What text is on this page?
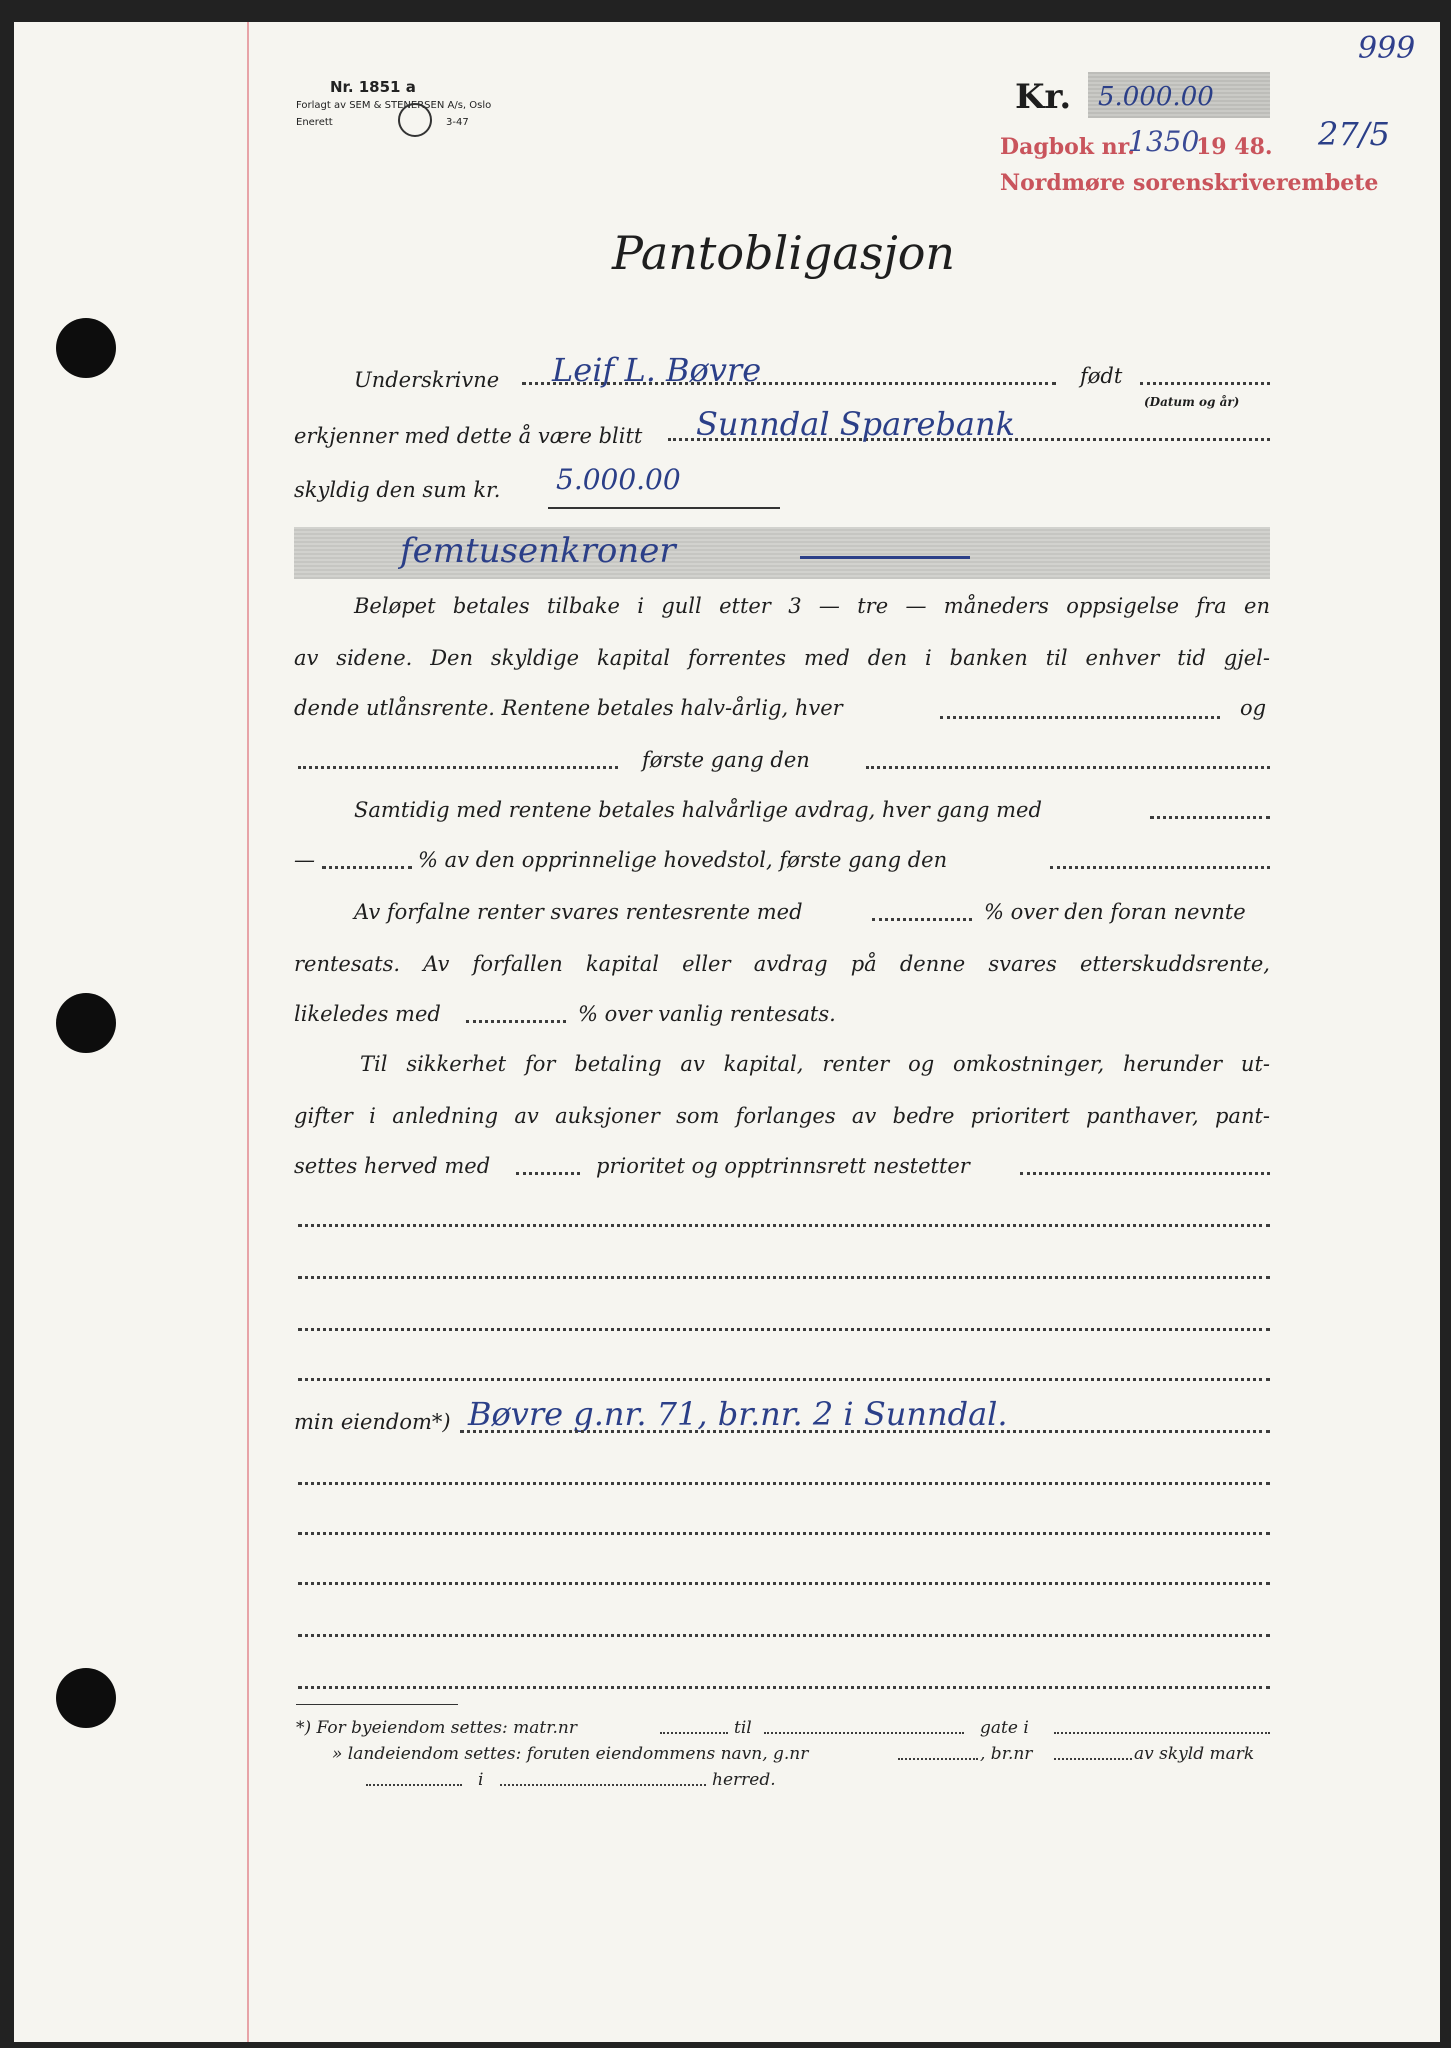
999
Nr. 1851 a
Forlagt av SEM & STENERSEN A/s, Oslo
Enerett	3-47
Kr. 5.000.00
Dagbok nr.
1350
19 48. 27/5
Nordmøre sorenskriverembete
Pantobligasjon
Underskrivne Leif L. Bøvre	født
(Datum og år)
erkjenner med dette å være blitt Sunndal Sparebank
skyldig den sum kr. 5.000.00
femtusenkroner
Beløpet betales tilbake i gull etter 3 — tre — måneders oppsigelse fra en
av sidene. Den skyldige kapital forrentes med den i banken til enhver tid gjel-
dende utlånsrente. Rentene betales halv-årlig, hver	og
første gang den
Samtidig med rentene betales halvårlige avdrag, hver gang med
—	% av den opprinnelige hovedstol, første gang den
Av forfalne renter svares rentesrente med	% over den foran nevnte
rentesats. Av forfallen kapital eller avdrag på denne svares etterskuddsrente,
likeledes med	% over vanlig rentesats.
Til sikkerhet for betaling av kapital, renter og omkostninger, herunder ut-
gifter i anledning av auksjoner som forlanges av bedre prioritert panthaver, pant-
settes herved med	prioritet og opptrinnsrett nestetter
min eiendom*) Bøvre g.nr. 71, br.nr. 2 i Sunndal.
*) For byeiendom settes: matr.nr	til	gate i
» landeiendom settes: foruten eiendommens navn, g.nr	, br.nr	av skyld mark
i	herred.
